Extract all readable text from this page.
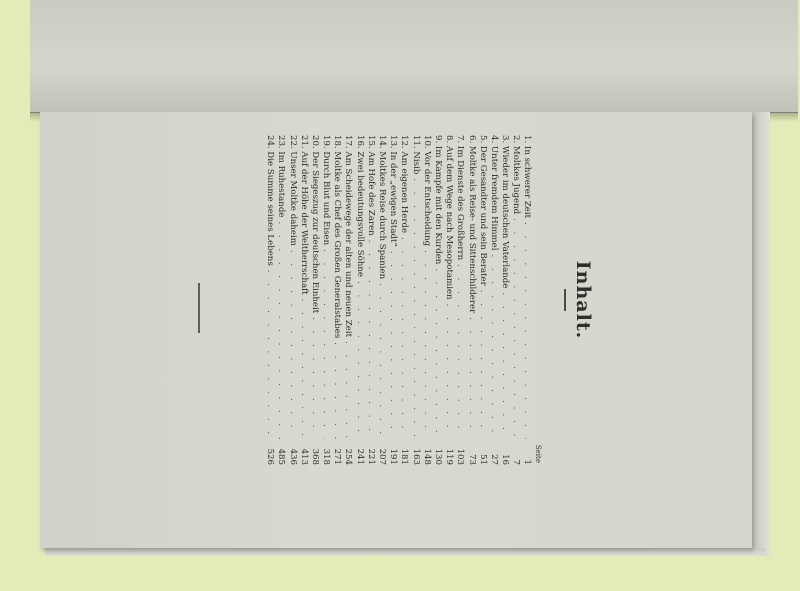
Inhalt.
Seite
1. In schwerer Zeit
. . .
1
2. Moltkes Jugend
. . .
7
3. Wieder im deutschen Vaterlande
. . .
16
4. Unter fremdem Himmel
. . .
27
5. Der Gesandter und sein Berater
. . .
51
6. Moltke als Reise- und Sittenschilderer
. . .
73
7. Im Dienste des Großherrn
. . .
103
8. Auf dem Wege nach Mesopotamien
. . .
119
9. Im Kampfe mit den Kurden
. . .
130
10. Vor der Entscheidung
. . .
148
11. Nisib
. . .
163
12. Am eigenen Herde
. . .
181
13. In der „ewigen Stadt“
. . .
191
14. Moltkes Reise durch Spanien
. . .
207
15. Am Hofe des Zaren
. . .
221
16. Zwei bedeutungsvolle Söhne
. . .
241
17. Am Scheidewege der alten und neuen Zeit
. . .
254
18. Moltke als Chef des Großen Generalstabes
. . .
271
19. Durch Blut und Eisen
. . .
318
20. Der Siegeszug zur deutschen Einheit
. . .
368
21. Auf der Höhe der Weltherrschaft
. . .
413
22. Unser Moltke daheim
. . .
436
23. Im Ruhestande
. . .
485
24. Die Summe seines Lebens
. . .
526
